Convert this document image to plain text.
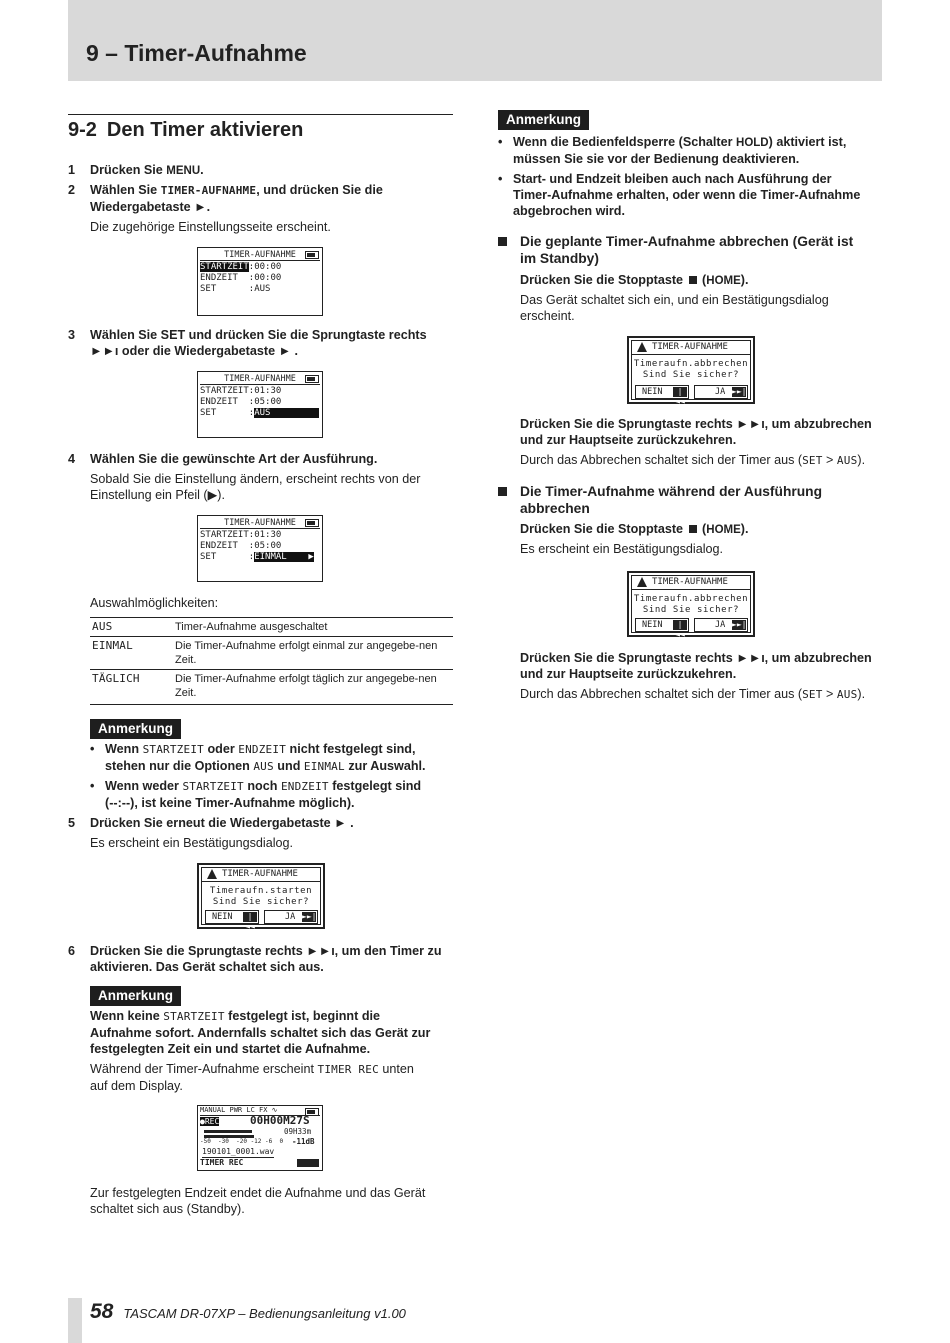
9 – Timer-Aufnahme
9-2 Den Timer aktivieren
1	Drücken Sie MENU.
2	Wählen Sie TIMER-AUFNAHME, und drücken Sie die Wiedergabetaste ►.
Die zugehörige Einstellungsseite erscheint.
TIMER-AUFNAHME
STARTZEIT:00:00
ENDZEIT  :00:00
SET      :AUS
3	Wählen Sie SET und drücken Sie die Sprungtaste rechts ►►ı oder die Wiedergabetaste ► .
TIMER-AUFNAHME
STARTZEIT:01:30
ENDZEIT  :05:00
SET      :AUS
4	Wählen Sie die gewünschte Art der Ausführung.
Sobald Sie die Einstellung ändern, erscheint rechts von der Einstellung ein Pfeil (▶).
TIMER-AUFNAHME
STARTZEIT:01:30
ENDZEIT  :05:00
SET      :EINMAL    ▶
Auswahlmöglichkeiten:
AUS	Timer-Aufnahme ausgeschaltet
EINMAL	Die Timer-Aufnahme erfolgt einmal zur angegebe-nen Zeit.
TÄGLICH	Die Timer-Aufnahme erfolgt täglich zur angegebe-nen Zeit.
Anmerkung
• Wenn STARTZEIT oder ENDZEIT nicht festgelegt sind,
stehen nur die Optionen AUS und EINMAL zur Auswahl.
• Wenn weder STARTZEIT noch ENDZEIT festgelegt sind
(--:--), ist keine Timer-Aufnahme möglich).
5	Drücken Sie erneut die Wiedergabetaste ► .
Es erscheint ein Bestätigungsdialog.
TIMER-AUFNAHME
Timeraufn.starten
Sind Sie sicher?
NEIN	|◄◄
JA ►►|
6	Drücken Sie die Sprungtaste rechts ►►ı, um den Timer zu aktivieren. Das Gerät schaltet sich aus.
Anmerkung
Wenn keine STARTZEIT festgelegt ist, beginnt die
Aufnahme sofort. Andernfalls schaltet sich das Gerät zur
festgelegten Zeit ein und startet die Aufnahme.
Während der Timer-Aufnahme erscheint TIMER REC unten
auf dem Display.
MANUAL PWR LC FX ∿
●REC	00H00M27S
09H33m
-50  -30  -20 -12 -6  0 -11dB
190101_0001.wav
TIMER REC
Zur festgelegten Endzeit endet die Aufnahme und das Gerät
schaltet sich aus (Standby).
Anmerkung
• Wenn die Bedienfeldsperre (Schalter HOLD) aktiviert ist,
müssen Sie sie vor der Bedienung deaktivieren.
• Start- und Endzeit bleiben auch nach Ausführung der
Timer-Aufnahme erhalten, oder wenn die Timer-Aufnahme
abgebrochen wird.
Die geplante Timer-Aufnahme abbrechen (Gerät ist
im Standby)
Drücken Sie die Stopptaste  (HOME).
Das Gerät schaltet sich ein, und ein Bestätigungsdialog
erscheint.
TIMER-AUFNAHME
Timeraufn.abbrechen
Sind Sie sicher?
NEIN	|◄◄
JA ►►|
Drücken Sie die Sprungtaste rechts ►►ı, um abzubrechen
und zur Hauptseite zurückzukehren.
Durch das Abbrechen schaltet sich der Timer aus (SET > AUS).
Die Timer-Aufnahme während der Ausführung
abbrechen
Drücken Sie die Stopptaste  (HOME).
Es erscheint ein Bestätigungsdialog.
TIMER-AUFNAHME
Timeraufn.abbrechen
Sind Sie sicher?
NEIN	|◄◄
JA ►►|
Drücken Sie die Sprungtaste rechts ►►ı, um abzubrechen
und zur Hauptseite zurückzukehren.
Durch das Abbrechen schaltet sich der Timer aus (SET > AUS).
58 TASCAM DR-07XP – Bedienungsanleitung v1.00
